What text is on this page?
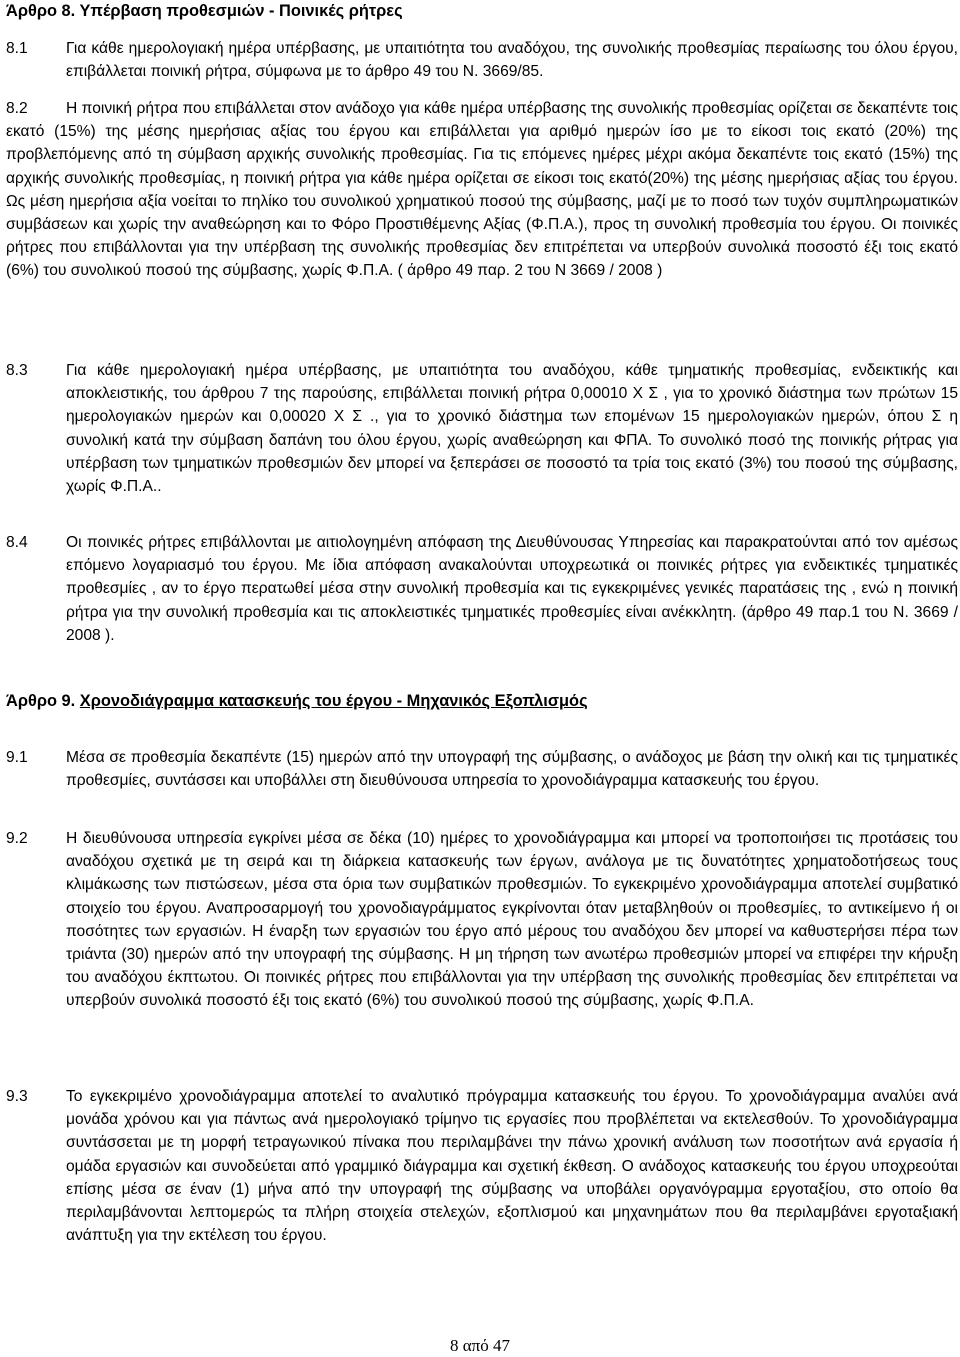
Άρθρο 8. Υπέρβαση προθεσμιών - Ποινικές ρήτρες
8.1 Για κάθε ημερολογιακή ημέρα υπέρβασης, με υπαιτιότητα του αναδόχου, της συνολικής προθεσμίας περαίωσης του όλου έργου, επιβάλλεται ποινική ρήτρα, σύμφωνα με το άρθρο 49 του Ν. 3669/85.
8.2	Η ποινική ρήτρα που επιβάλλεται στον ανάδοχο για κάθε ημέρα υπέρβασης της συνολικής προθεσμίας ορίζεται σε δεκαπέντε τοις εκατό (15%) της μέσης ημερήσιας αξίας του έργου και επιβάλλεται για αριθμό ημερών ίσο με το είκοσι τοις εκατό (20%) της προβλεπόμενης από τη σύμβαση αρχικής συνολικής προθεσμίας. Για τις επόμενες ημέρες μέχρι ακόμα δεκαπέντε τοις εκατό (15%) της αρχικής συνολικής προθεσμίας, η ποινική ρήτρα για κάθε ημέρα ορίζεται σε είκοσι τοις εκατό(20%) της μέσης ημερήσιας αξίας του έργου. Ως μέση ημερήσια αξία νοείται το πηλίκο του συνολικού χρηματικού ποσού της σύμβασης, μαζί με το ποσό των τυχόν συμπληρωματικών συμβάσεων και χωρίς την αναθεώρηση και το Φόρο Προστιθέμενης Αξίας (Φ.Π.Α.), προς τη συνολική προθεσμία του έργου. Οι ποινικές ρήτρες που επιβάλλονται για την υπέρβαση της συνολικής προθεσμίας δεν επιτρέπεται να υπερβούν συνολικά ποσοστό έξι τοις εκατό (6%) του συνολικού ποσού της σύμβασης, χωρίς Φ.Π.Α. ( άρθρο 49 παρ. 2 του Ν 3669 / 2008 )
8.3 Για κάθε ημερολογιακή ημέρα υπέρβασης, με υπαιτιότητα του αναδόχου, κάθε τμηματικής προθεσμίας, ενδεικτικής και αποκλειστικής, του άρθρου 7 της παρούσης, επιβάλλεται ποινική ρήτρα 0,00010 Χ Σ , για το χρονικό διάστημα των πρώτων 15 ημερολογιακών ημερών και 0,00020 Χ Σ ., για το χρονικό διάστημα των επομένων 15 ημερολογιακών ημερών, όπου Σ η συνολική κατά την σύμβαση δαπάνη του όλου έργου, χωρίς αναθεώρηση και ΦΠΑ. Το συνολικό ποσό της ποινικής ρήτρας για υπέρβαση των τμηματικών προθεσμιών δεν μπορεί να ξεπεράσει σε ποσοστό τα τρία τοις εκατό (3%) του ποσού της σύμβασης, χωρίς Φ.Π.Α..
8.4 Οι ποινικές ρήτρες επιβάλλονται με αιτιολογημένη απόφαση της Διευθύνουσας Υπηρεσίας και παρακρατούνται από τον αμέσως επόμενο λογαριασμό του έργου. Με ίδια απόφαση ανακαλούνται υποχρεωτικά οι ποινικές ρήτρες για ενδεικτικές τμηματικές προθεσμίες , αν το έργο περατωθεί μέσα στην συνολική προθεσμία και τις εγκεκριμένες γενικές παρατάσεις της , ενώ η ποινική ρήτρα για την συνολική προθεσμία και τις αποκλειστικές τμηματικές προθεσμίες είναι ανέκκλητη. (άρθρο 49 παρ.1 του Ν. 3669 / 2008 ).
Άρθρο 9. Χρονοδιάγραμμα κατασκευής του έργου - Μηχανικός Εξοπλισμός
9.1 Μέσα σε προθεσμία δεκαπέντε (15) ημερών από την υπογραφή της σύμβασης, ο ανάδοχος με βάση την ολική και τις τμηματικές προθεσμίες, συντάσσει και υποβάλλει στη διευθύνουσα υπηρεσία το χρονοδιάγραμμα κατασκευής του έργου.
9.2 Η διευθύνουσα υπηρεσία εγκρίνει μέσα σε δέκα (10) ημέρες το χρονοδιάγραμμα και μπορεί να τροποποιήσει τις προτάσεις του αναδόχου σχετικά με τη σειρά και τη διάρκεια κατασκευής των έργων, ανάλογα με τις δυνατότητες χρηματοδοτήσεως τους κλιμάκωσης των πιστώσεων, μέσα στα όρια των συμβατικών προθεσμιών. Το εγκεκριμένο χρονοδιάγραμμα αποτελεί συμβατικό στοιχείο του έργου. Αναπροσαρμογή του χρονοδιαγράμματος εγκρίνονται όταν μεταβληθούν οι προθεσμίες, το αντικείμενο ή οι ποσότητες των εργασιών. Η έναρξη των εργασιών του έργο από μέρους του αναδόχου δεν μπορεί να καθυστερήσει πέρα των τριάντα (30) ημερών από την υπογραφή της σύμβασης. Η μη τήρηση των ανωτέρω προθεσμιών μπορεί να επιφέρει την κήρυξη του αναδόχου έκπτωτου. Οι ποινικές ρήτρες που επιβάλλονται για την υπέρβαση της συνολικής προθεσμίας δεν επιτρέπεται να υπερβούν συνολικά ποσοστό έξι τοις εκατό (6%) του συνολικού ποσού της σύμβασης, χωρίς Φ.Π.Α.
9.3 Το εγκεκριμένο χρονοδιάγραμμα αποτελεί το αναλυτικό πρόγραμμα κατασκευής του έργου. Το χρονοδιάγραμμα αναλύει ανά μονάδα χρόνου και για πάντως ανά ημερολογιακό τρίμηνο τις εργασίες που προβλέπεται να εκτελεσθούν. Το χρονοδιάγραμμα συντάσσεται με τη μορφή τετραγωνικού πίνακα που περιλαμβάνει την πάνω χρονική ανάλυση των ποσοτήτων ανά εργασία ή ομάδα εργασιών και συνοδεύεται από γραμμικό διάγραμμα και σχετική έκθεση. Ο ανάδοχος κατασκευής του έργου υποχρεούται επίσης μέσα σε έναν (1) μήνα από την υπογραφή της σύμβασης να υποβάλει οργανόγραμμα εργοταξίου, στο οποίο θα περιλαμβάνονται λεπτομερώς τα πλήρη στοιχεία στελεχών, εξοπλισμού και μηχανημάτων που θα περιλαμβάνει εργοταξιακή ανάπτυξη για την εκτέλεση του έργου.
8 από 47
